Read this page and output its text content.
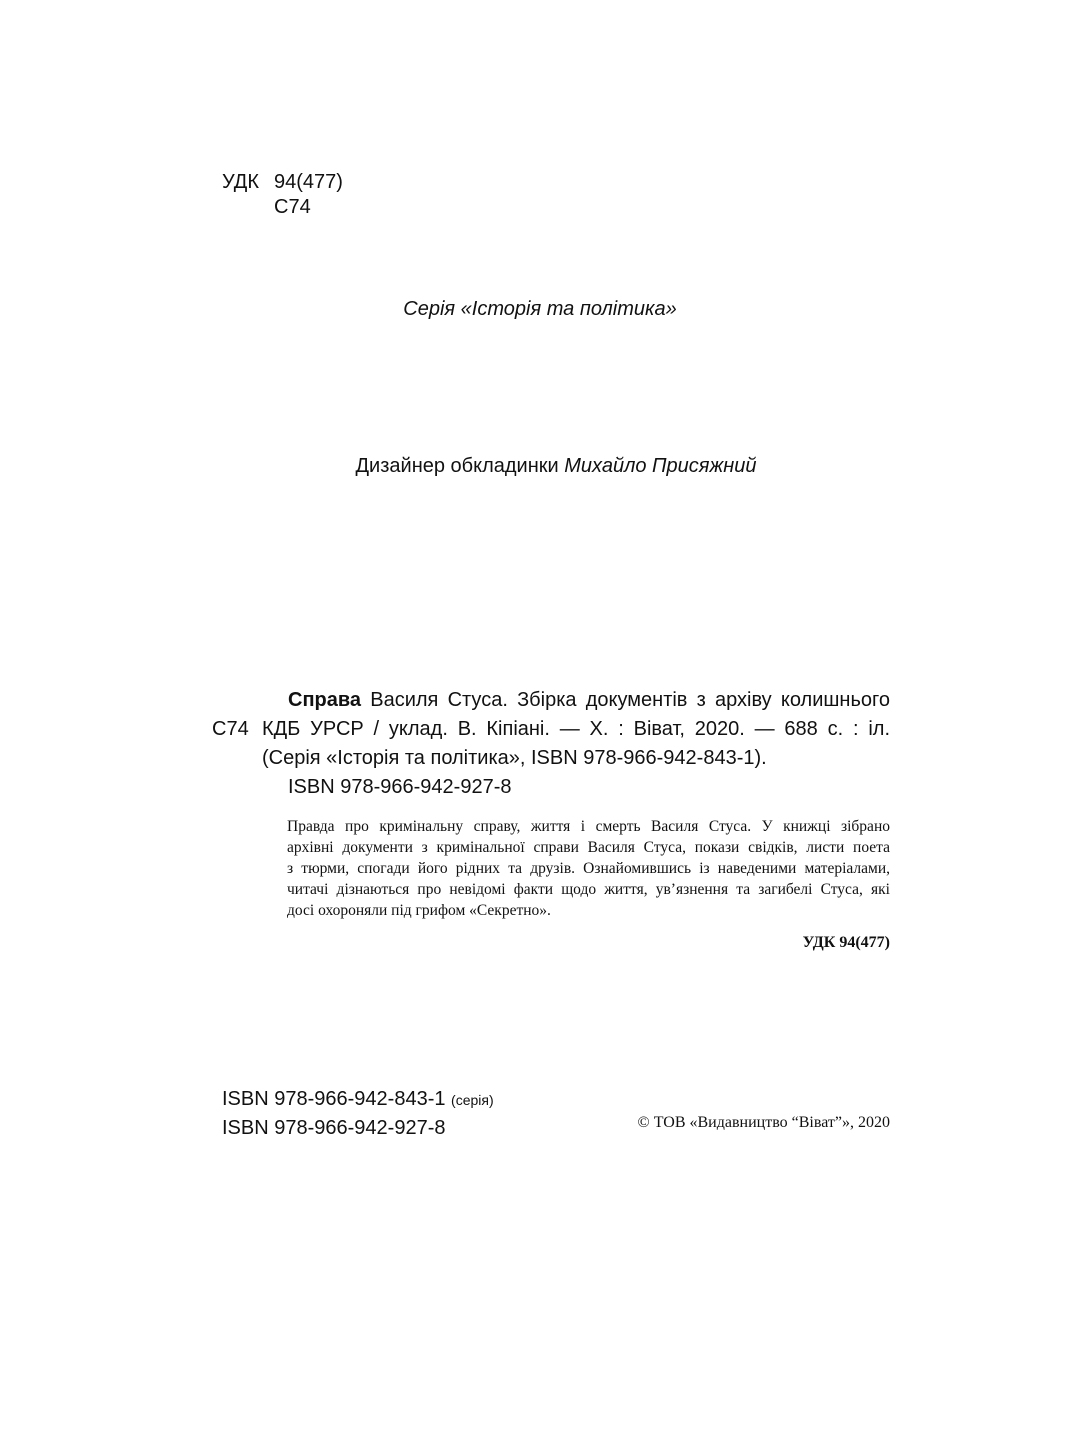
УДК 94(477)
С74
Серія «Історія та політика»
Дизайнер обкладинки Михайло Присяжний
Справа Василя Стуса. Збірка документів з архіву колишнього
С74 КДБ УРСР / уклад. В. Кіпіані. — Х. : Віват, 2020. — 688 с. : іл.
(Серія «Історія та політика», ISBN 978-966-942-843-1).
ISBN 978-966-942-927-8
Правда про кримінальну справу, життя і смерть Василя Стуса. У книжці зібрано
архівні документи з кримінальної справи Василя Стуса, покази свідків, листи поета
з тюрми, спогади його рідних та друзів. Ознайомившись із наведеними матеріалами,
читачі дізнаються про невідомі факти щодо життя, ув’язнення та загибелі Стуса, які
досі охороняли під грифом «Секретно».
УДК 94(477)
ISBN 978-966-942-843-1 (серія)
ISBN 978-966-942-927-8	© ТОВ «Видавництво “Віват”», 2020
